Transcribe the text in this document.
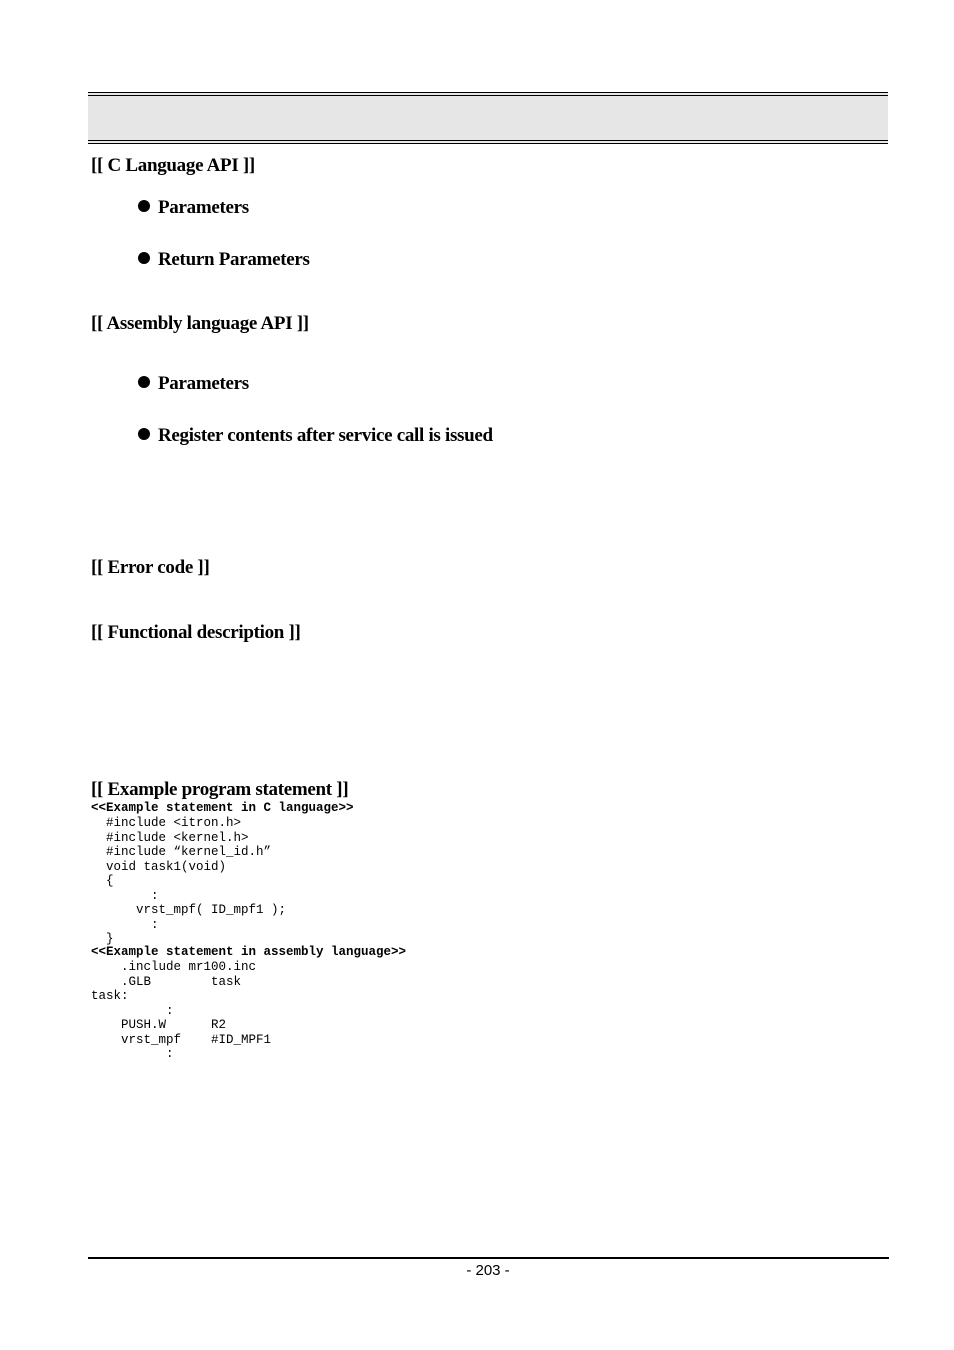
[[ C Language API ]]
Parameters
Return Parameters
[[ Assembly language API ]]
Parameters
Register contents after service call is issued
[[ Error code ]]
[[ Functional description ]]
[[ Example program statement ]]
<<Example statement in C language>>
#include <itron.h>
#include <kernel.h>
#include “kernel_id.h”
void task1(void)
{
:
vrst_mpf( ID_mpf1 );
:
}
<<Example statement in assembly language>>
.include mr100.inc
.GLB        task
task:
:
PUSH.W      R2
vrst_mpf    #ID_MPF1
:
- 203 -
